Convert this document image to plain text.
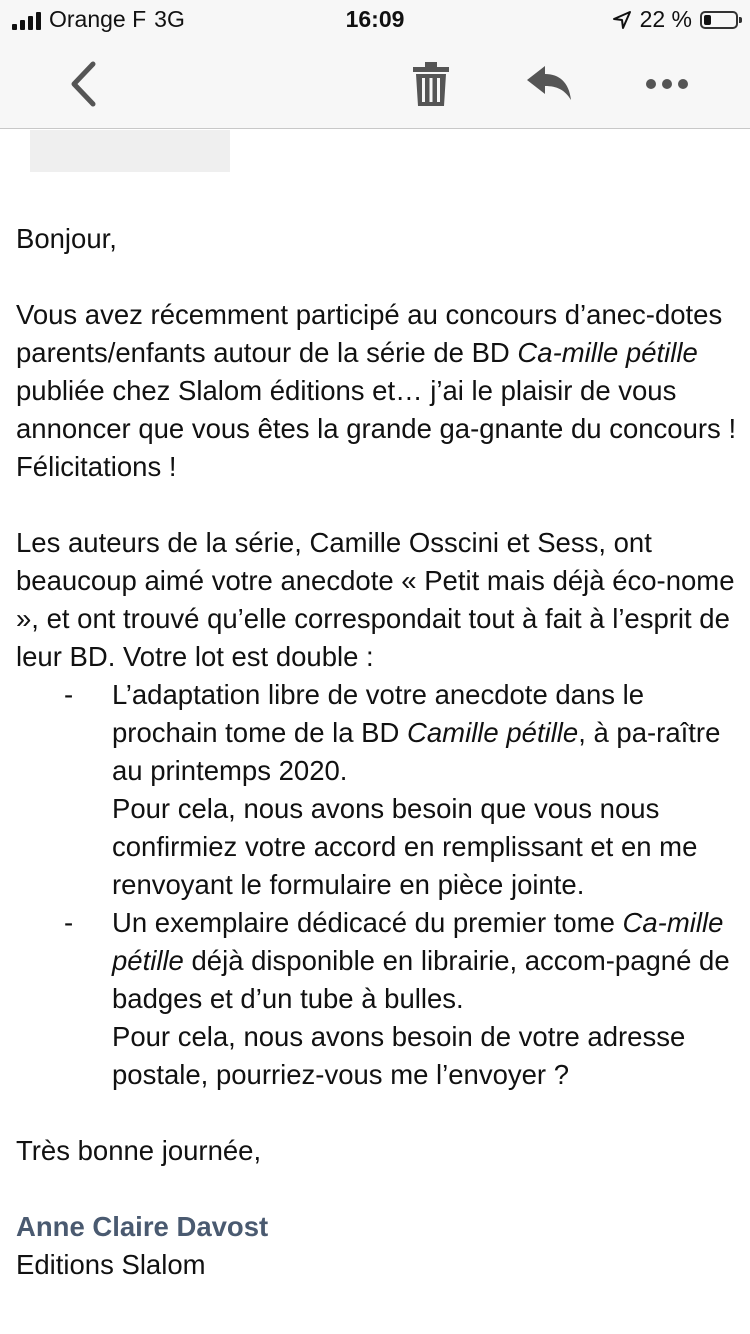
Orange F 3G	16:09	22 %

Bonjour,

Vous avez récemment participé au concours d’anec-dotes parents/enfants autour de la série de BD Ca-mille pétille publiée chez Slalom éditions et… j’ai le plaisir de vous annoncer que vous êtes la grande ga-gnante du concours ! Félicitations !

Les auteurs de la série, Camille Osscini et Sess, ont beaucoup aimé votre anecdote « Petit mais déjà éco-nome », et ont trouvé qu’elle correspondait tout à fait à l’esprit de leur BD. Votre lot est double :

- L’adaptation libre de votre anecdote dans le prochain tome de la BD Camille pétille, à pa-raître au printemps 2020.
Pour cela, nous avons besoin que vous nous confirmiez votre accord en remplissant et en me renvoyant le formulaire en pièce jointe.
- Un exemplaire dédicacé du premier tome Ca-mille pétille déjà disponible en librairie, accom-pagné de badges et d’un tube à bulles.
Pour cela, nous avons besoin de votre adresse postale, pourriez-vous me l’envoyer ?

Très bonne journée,

Anne Claire Davost

Editions Slalom
